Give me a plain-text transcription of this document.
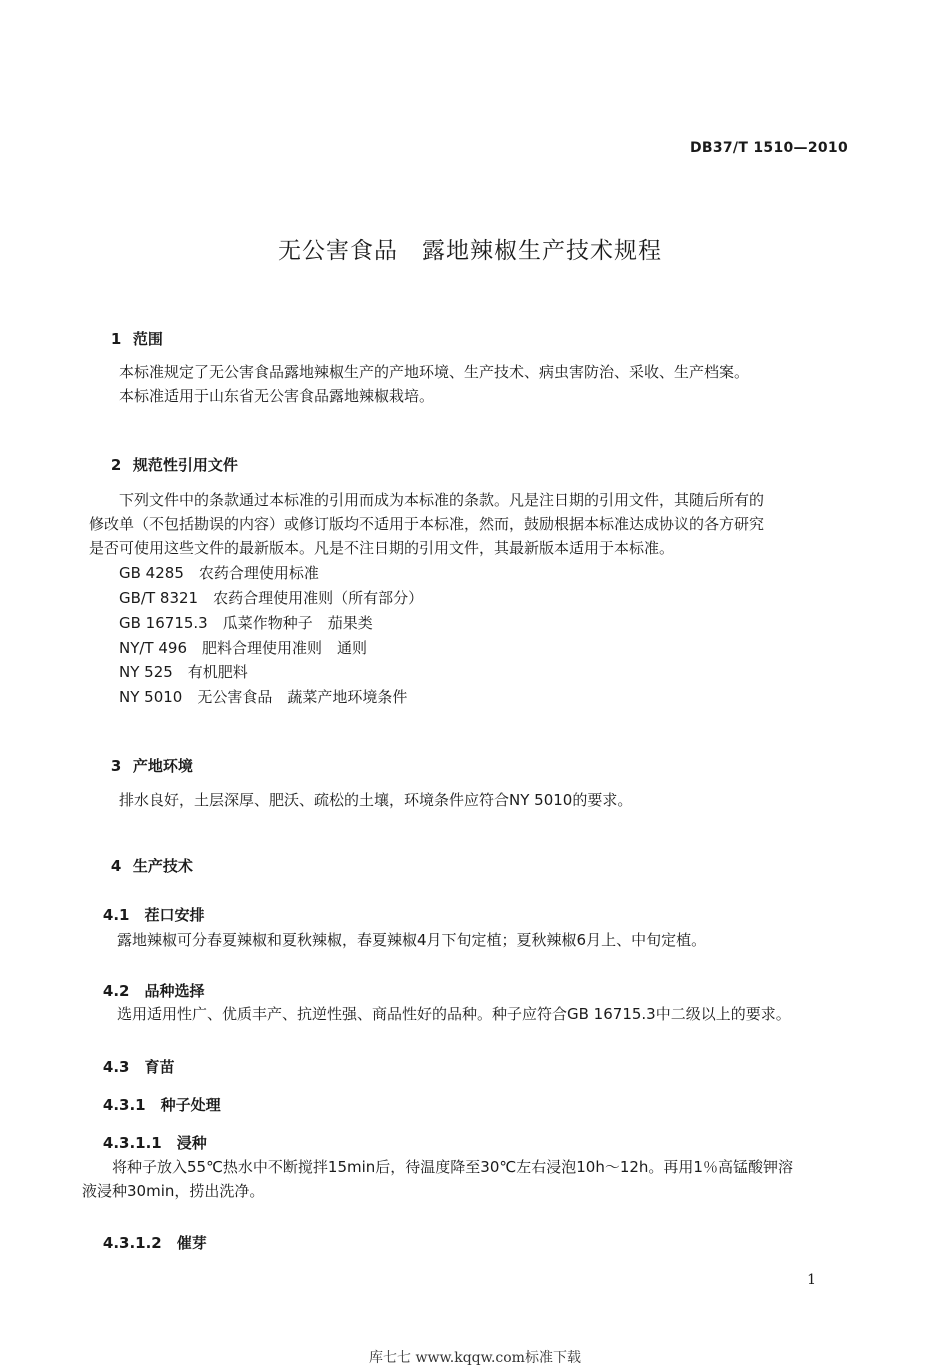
DB37/T 1510—2010
无公害食品　露地辣椒生产技术规程

1 范围

本标准规定了无公害食品露地辣椒生产的产地环境、生产技术、病虫害防治、采收、生产档案。
本标准适用于山东省无公害食品露地辣椒栽培。

2 规范性引用文件

下列文件中的条款通过本标准的引用而成为本标准的条款。凡是注日期的引用文件，其随后所有的
修改单（不包括勘误的内容）或修订版均不适用于本标准，然而，鼓励根据本标准达成协议的各方研究
是否可使用这些文件的最新版本。凡是不注日期的引用文件，其最新版本适用于本标准。
GB 4285　农药合理使用标准
GB/T 8321　农药合理使用准则（所有部分）
GB 16715.3　瓜菜作物种子　茄果类
NY/T 496　肥料合理使用准则　通则
NY 525　有机肥料
NY 5010　无公害食品　蔬菜产地环境条件

3 产地环境

排水良好，土层深厚、肥沃、疏松的土壤，环境条件应符合NY 5010的要求。

4 生产技术

4.1　 茬口安排

露地辣椒可分春夏辣椒和夏秋辣椒，春夏辣椒4月下旬定植；夏秋辣椒6月上、中旬定植。

4.2　 品种选择

选用适用性广、优质丰产、抗逆性强、商品性好的品种。种子应符合GB 16715.3中二级以上的要求。

4.3　 育苗

4.3.1　 种子处理

4.3.1.1　 浸种

将种子放入55℃热水中不断搅拌15min后，待温度降至30℃左右浸泡10h～12h。再用1％高锰酸钾溶
液浸种30min，捞出洗净。

4.3.1.2　 催芽

1
库七七 www.kqqw.com标准下载
